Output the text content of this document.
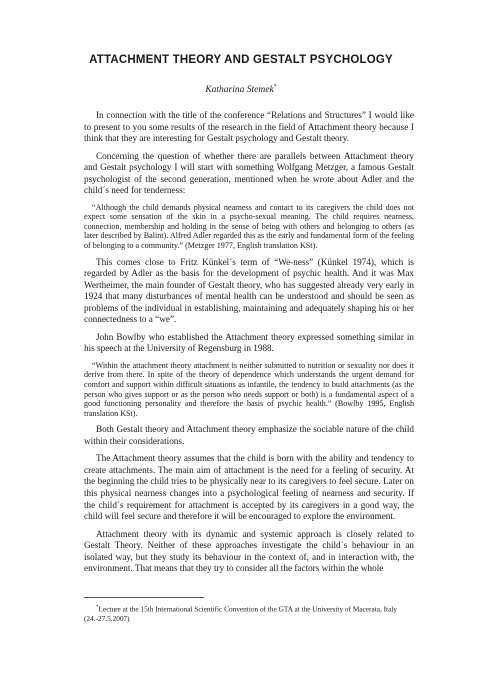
ATTACHMENT THEORY AND GESTALT PSYCHOLOGY
Katharina Stemek*

In connection with the title of the conference “Relations and Structures” I would like to present to you some results of the research in the field of Attachment theory because I think that they are interesting for Gestalt psychology and Gestalt theory.

Concerning the question of whether there are parallels between Attachment theory and Gestalt psychology I will start with something Wolfgang Metzger, a famous Gestalt psychologist of the second generation, mentioned when he wrote about Adler and the child´s need for tenderness:

“Although the child demands physical nearness and contact to its caregivers the child does not expect some sensation of the skin in a psycho-sexual meaning. The child requires nearness, connection, membership and holding in the sense of being with others and belonging to others (as later described by Balint). Alfred Adler regarded this as the early and fundamental form of the feeling of belonging to a community.” (Metzger 1977, English translation KSt).

This comes close to Fritz Künkel´s term of “We-ness” (Künkel 1974), which is regarded by Adler as the basis for the development of psychic health. And it was Max Wertheimer, the main founder of Gestalt theory, who has suggested already very early in 1924 that many disturbances of mental health can be understood and should be seen as problems of the individual in establishing, maintaining and adequately shaping his or her connectedness to a “we”.

John Bowlby who established the Attachment theory expressed something similar in his speech at the University of Regensburg in 1988.

“Within the attachment theory attachment is neither submitted to nutrition or sexuality nor does it derive from there. In spite of the theory of dependence which understands the urgent demand for comfort and support within difficult situations as infantile, the tendency to build attachments (as the person who gives support or as the person who needs support or both) is a fundamental aspect of a good functioning personality and therefore the basis of psychic health.” (Bowlby 1995, English translation KSt).

Both Gestalt theory and Attachment theory emphasize the sociable nature of the child within their considerations.

The Attachment theory assumes that the child is born with the ability and tendency to create attachments. The main aim of attachment is the need for a feeling of security. At the beginning the child tries to be physically near to its caregivers to feel secure. Later on this physical nearness changes into a psychological feeling of nearness and security. If the child´s requirement for attachment is accepted by its caregivers in a good way, the child will feel secure and therefore it will be encouraged to explore the environment.

Attachment theory with its dynamic and systemic approach is closely related to Gestalt Theory. Neither of these approaches investigate the child´s behaviour in an isolated way, but they study its behaviour in the context of, and in interaction with, the environment. That means that they try to consider all the factors within the whole

*Lecture at the 15th International Scientific Convention of the GTA at the University of Macerata, Italy (24.-27.5.2007)
